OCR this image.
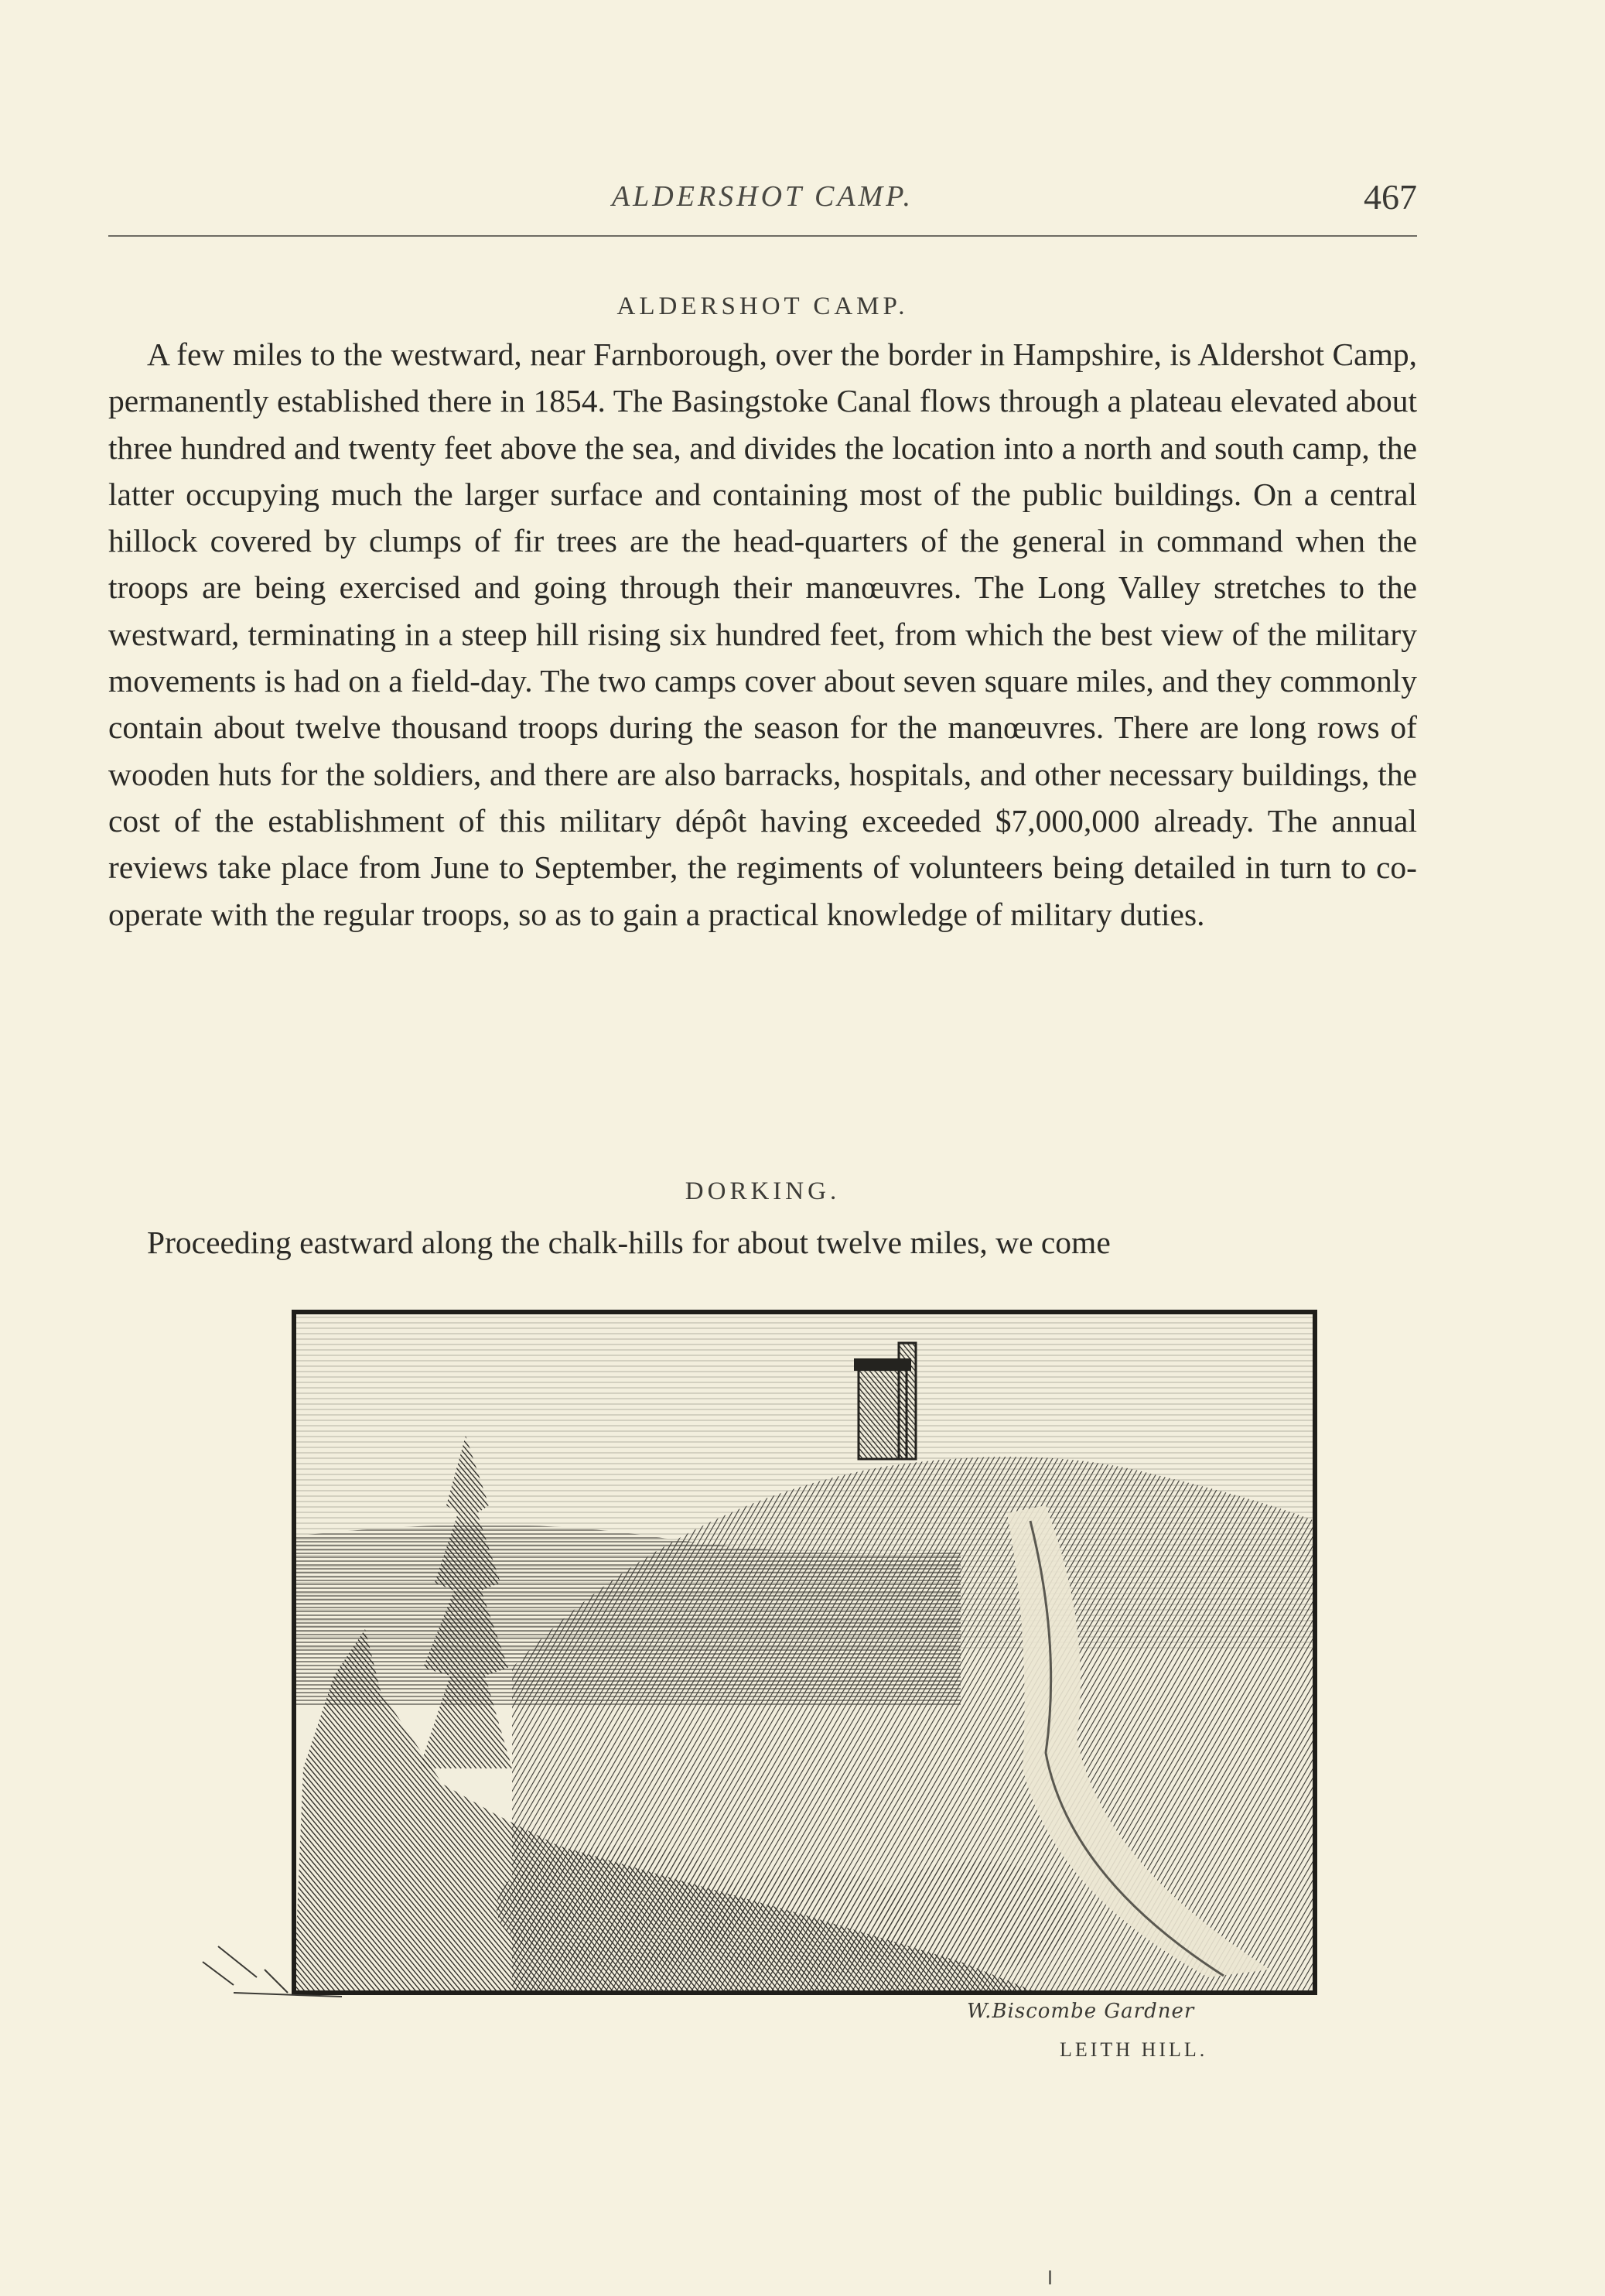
ALDERSHOT CAMP.	467
ALDERSHOT CAMP.

A few miles to the westward, near Farnborough, over the border in Hampshire, is Aldershot Camp, permanently established there in 1854. The Basingstoke Canal flows through a plateau elevated about three hundred and twenty feet above the sea, and divides the location into a north and south camp, the latter occupying much the larger surface and containing most of the public buildings. On a central hillock covered by clumps of fir trees are the head-quarters of the general in command when the troops are being exercised and going through their manœuvres. The Long Valley stretches to the westward, terminating in a steep hill rising six hundred feet, from which the best view of the military movements is had on a field-day. The two camps cover about seven square miles, and they commonly contain about twelve thousand troops during the season for the manœuvres. There are long rows of wooden huts for the soldiers, and there are also barracks, hospitals, and other necessary buildings, the cost of the establishment of this military dépôt having exceeded $7,000,000 already. The annual reviews take place from June to September, the regiments of volunteers being detailed in turn to co-operate with the regular troops, so as to gain a practical knowledge of military duties.

DORKING.

Proceeding eastward along the chalk-hills for about twelve miles, we come

W.Biscombe Gardner
LEITH HILL.
